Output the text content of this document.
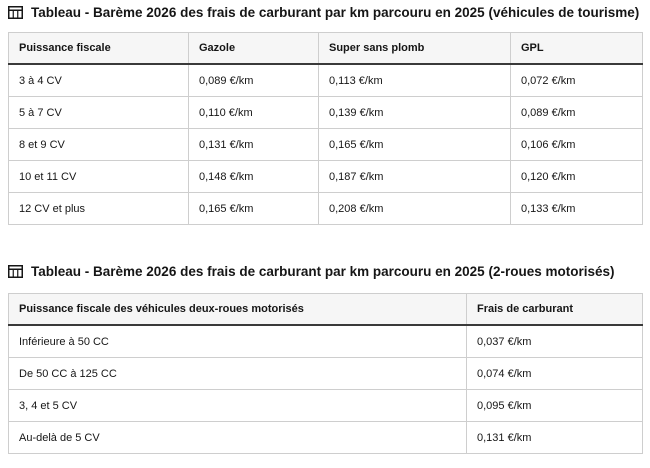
Tableau - Barème 2026 des frais de carburant par km parcouru en 2025 (véhicules de tourisme)
Puissance fiscale	Gazole	Super sans plomb	GPL
3 à 4 CV	0,089 €/km	0,113 €/km	0,072 €/km
5 à 7 CV	0,110 €/km	0,139 €/km	0,089 €/km
8 et 9 CV	0,131 €/km	0,165 €/km	0,106 €/km
10 et 11 CV	0,148 €/km	0,187 €/km	0,120 €/km
12 CV et plus	0,165 €/km	0,208 €/km	0,133 €/km
Tableau - Barème 2026 des frais de carburant par km parcouru en 2025 (2-roues motorisés)
Puissance fiscale des véhicules deux-roues motorisés	Frais de carburant
Inférieure à 50 CC	0,037 €/km
De 50 CC à 125 CC	0,074 €/km
3, 4 et 5 CV	0,095 €/km
Au-delà de 5 CV	0,131 €/km
